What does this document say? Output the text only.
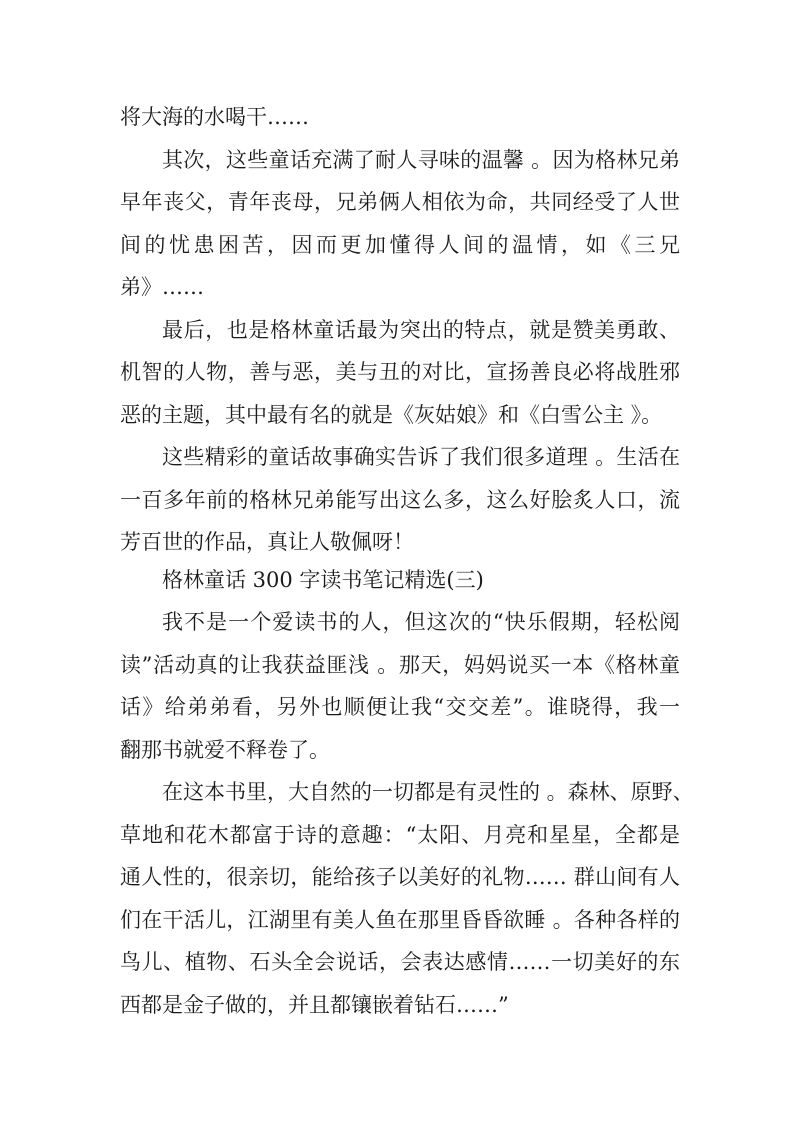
将大海的水喝干……
其次，这些童话充满了耐人寻味的温馨 。因为格林兄弟
早年丧父，青年丧母，兄弟俩人相依为命，共同经受了人世
间的忧患困苦，因而更加懂得人间的温情，如《三兄
弟》……
最后，也是格林童话最为突出的特点，就是赞美勇敢、
机智的人物，善与恶，美与丑的对比，宣扬善良必将战胜邪
恶的主题，其中最有名的就是《灰姑娘》和《白雪公主 》。
这些精彩的童话故事确实告诉了我们很多道理 。生活在
一百多年前的格林兄弟能写出这么多，这么好脍炙人口，流
芳百世的作品，真让人敬佩呀！
格林童话 300 字读书笔记精选(三)
我不是一个爱读书的人，但这次的“快乐假期，轻松阅
读”活动真的让我获益匪浅 。那天，妈妈说买一本《格林童
话》给弟弟看，另外也顺便让我“交交差”。谁晓得，我一
翻那书就爱不释卷了。
在这本书里，大自然的一切都是有灵性的 。森林、原野、
草地和花木都富于诗的意趣：“太阳、月亮和星星，全都是
通人性的，很亲切，能给孩子以美好的礼物…… 群山间有人
们在干活儿，江湖里有美人鱼在那里昏昏欲睡 。各种各样的
鸟儿、植物、石头全会说话，会表达感情……一切美好的东
西都是金子做的，并且都镶嵌着钻石……”
